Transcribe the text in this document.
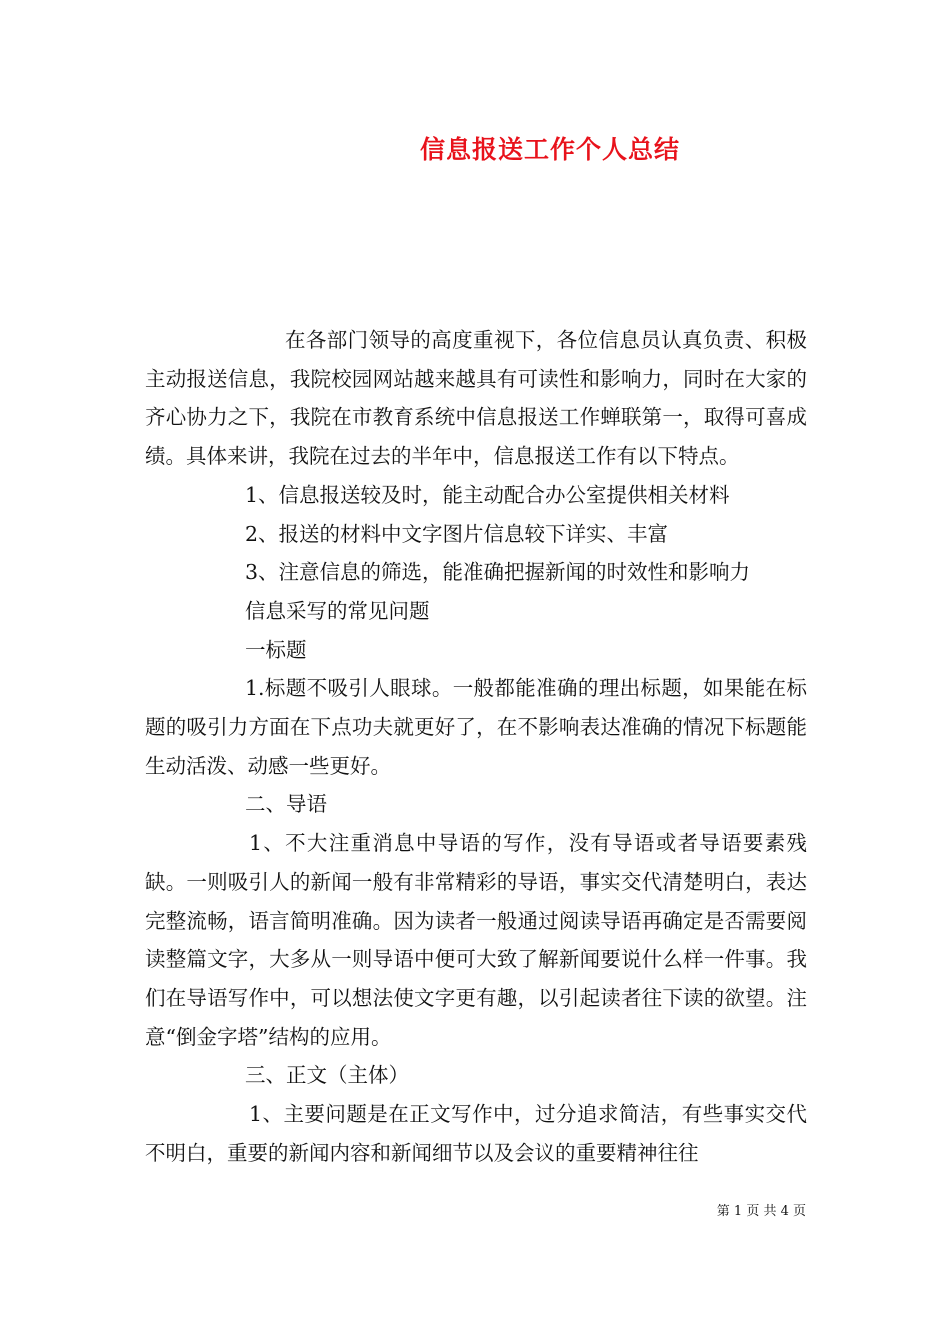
信息报送工作个人总结

在各部门领导的高度重视下，各位信息员认真负责、积极主动报送信息，我院校园网站越来越具有可读性和影响力，同时在大家的齐心协力之下，我院在市教育系统中信息报送工作蝉联第一，取得可喜成绩。具体来讲，我院在过去的半年中，信息报送工作有以下特点。

1、信息报送较及时，能主动配合办公室提供相关材料

2、报送的材料中文字图片信息较下详实、丰富

3、注意信息的筛选，能准确把握新闻的时效性和影响力

信息采写的常见问题

一标题

1.标题不吸引人眼球。一般都能准确的理出标题，如果能在标题的吸引力方面在下点功夫就更好了，在不影响表达准确的情况下标题能生动活泼、动感一些更好。

二、导语

1、不大注重消息中导语的写作，没有导语或者导语要素残缺。一则吸引人的新闻一般有非常精彩的导语，事实交代清楚明白，表达完整流畅，语言简明准确。因为读者一般通过阅读导语再确定是否需要阅读整篇文字，大多从一则导语中便可大致了解新闻要说什么样一件事。我们在导语写作中，可以想法使文字更有趣，以引起读者往下读的欲望。注意“倒金字塔”结构的应用。

三、正文（主体）

1、主要问题是在正文写作中，过分追求简洁，有些事实交代不明白，重要的新闻内容和新闻细节以及会议的重要精神往往

第 1 页 共 4 页
